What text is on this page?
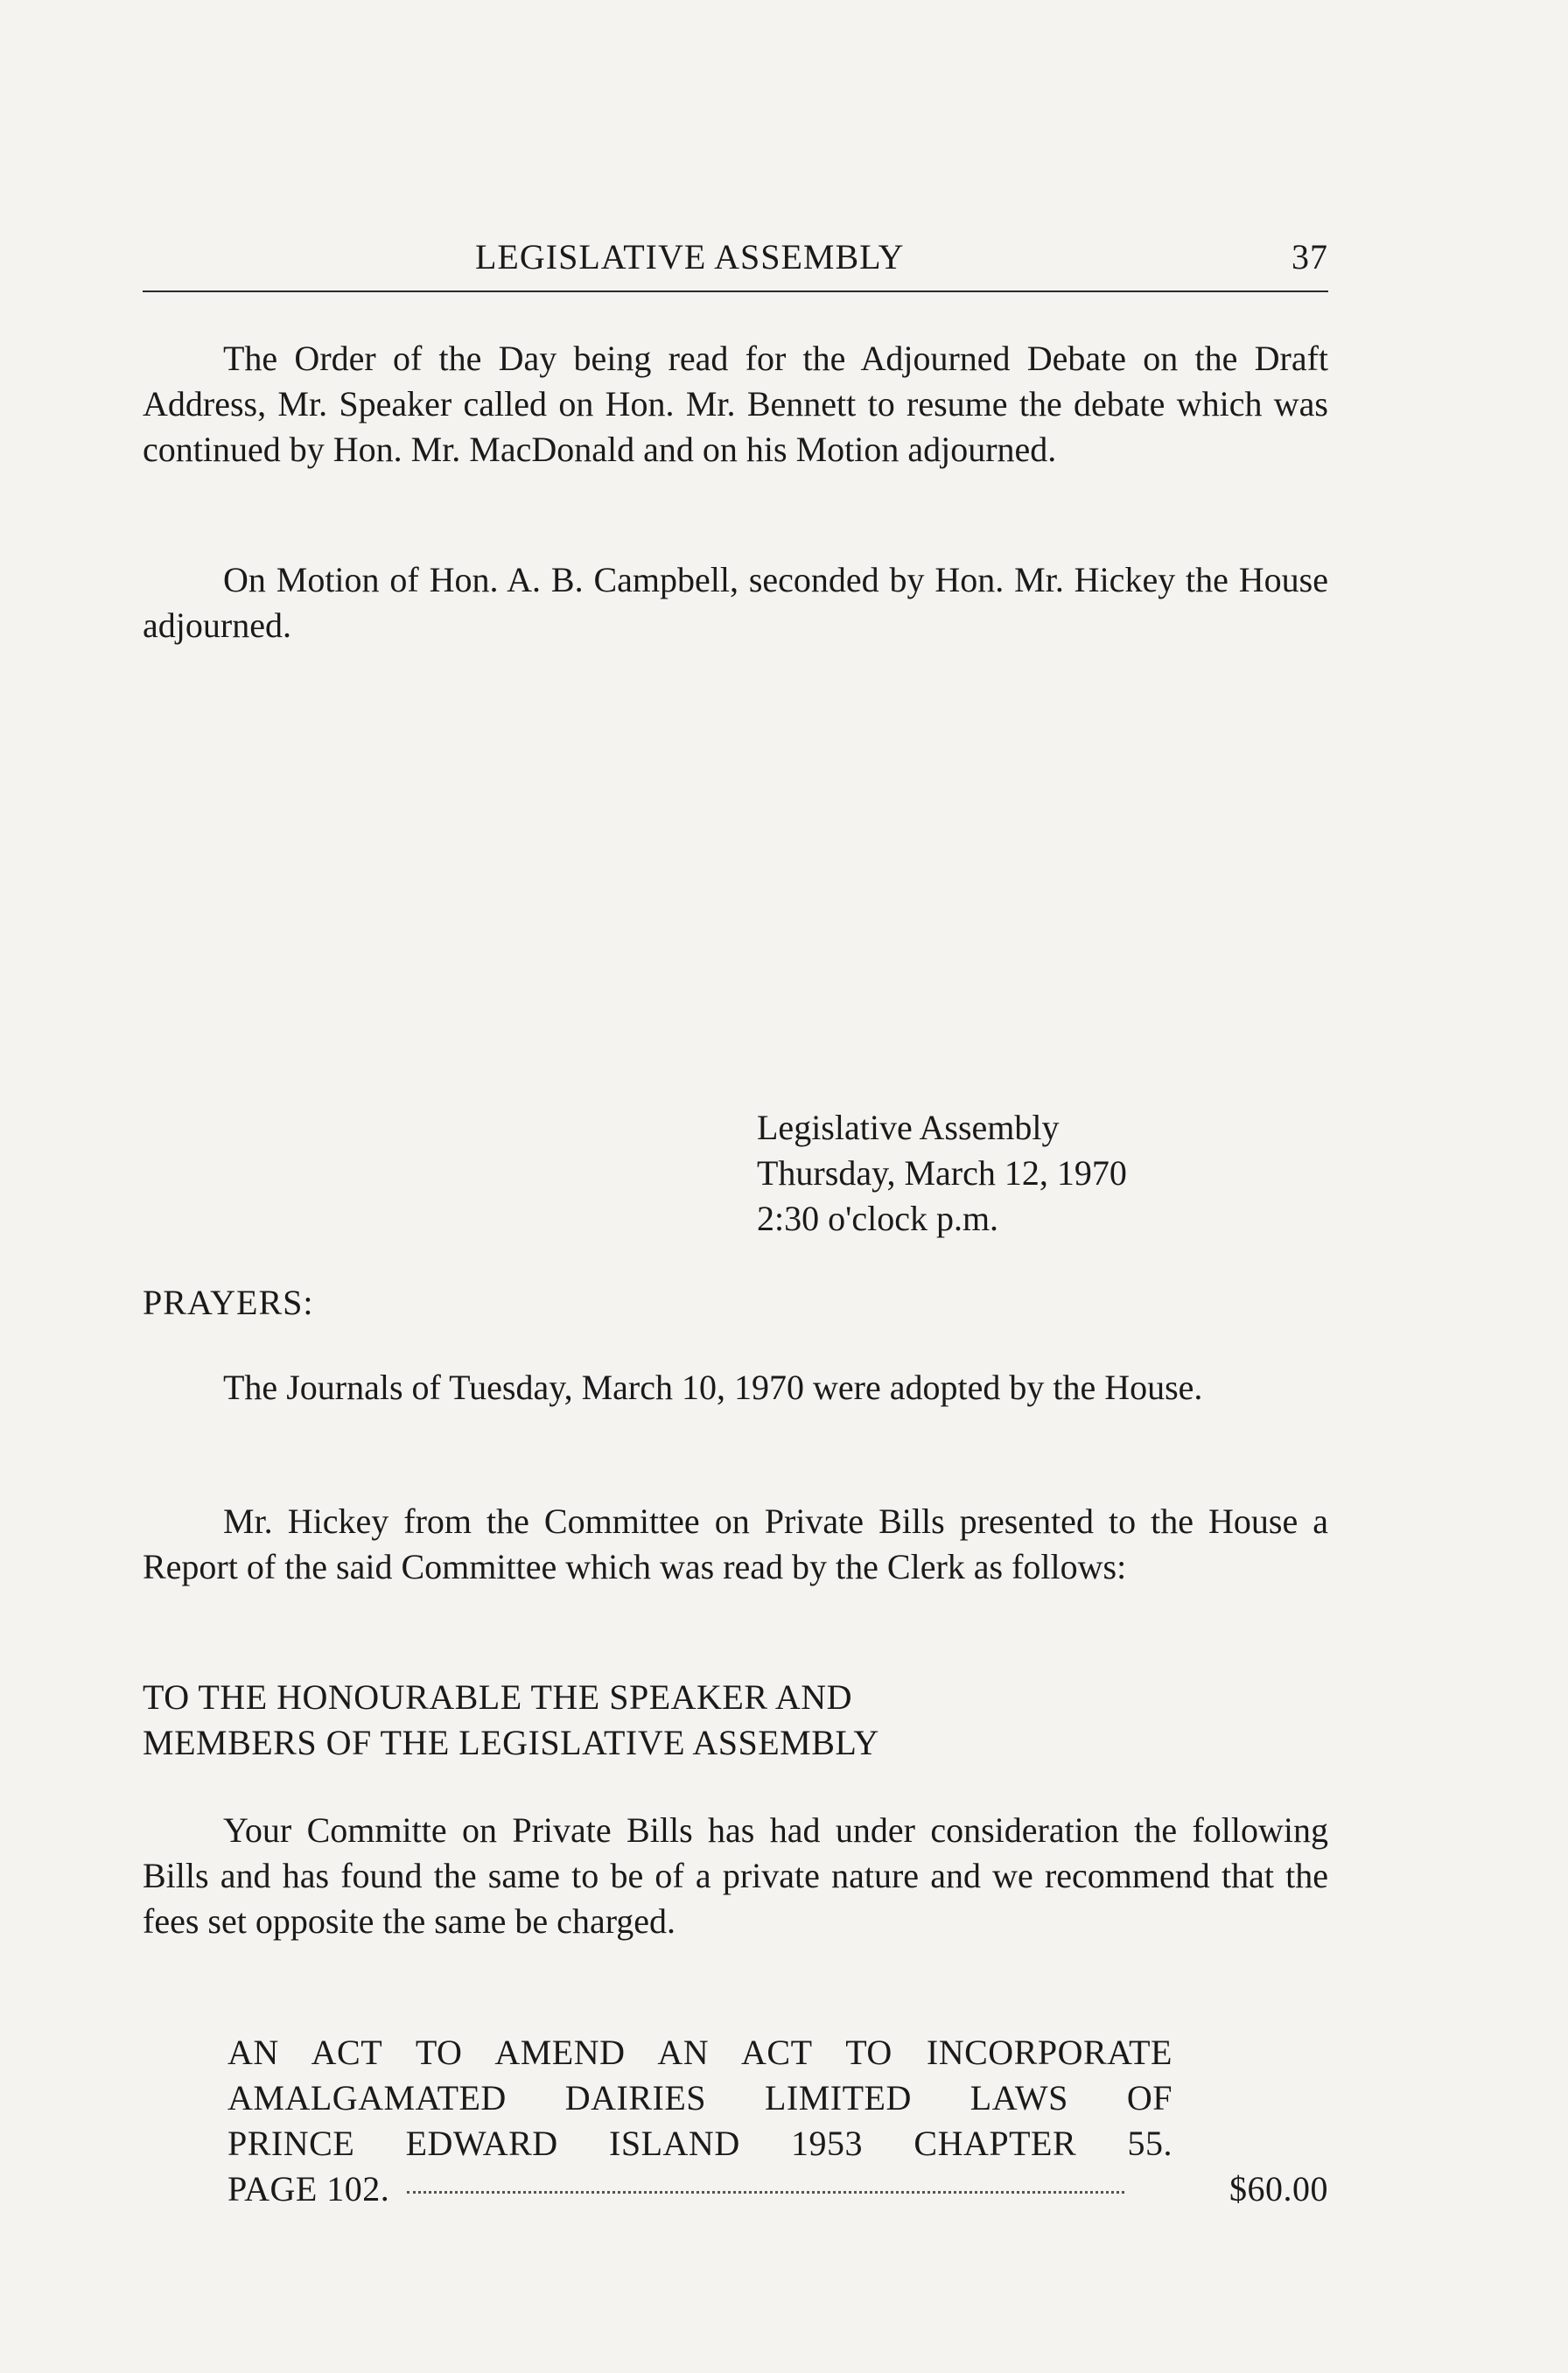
LEGISLATIVE ASSEMBLY	37

The Order of the Day being read for the Adjourned Debate on the Draft Address, Mr. Speaker called on Hon. Mr. Bennett to resume the debate which was continued by Hon. Mr. MacDonald and on his Motion adjourned.

On Motion of Hon. A. B. Campbell, seconded by Hon. Mr. Hickey the House adjourned.

Legislative Assembly
Thursday, March 12, 1970
2:30 o'clock p.m.
PRAYERS:

The Journals of Tuesday, March 10, 1970 were adopted by the House.

Mr. Hickey from the Committee on Private Bills presented to the House a Report of the said Committee which was read by the Clerk as follows:

TO THE HONOURABLE THE SPEAKER AND
MEMBERS OF THE LEGISLATIVE ASSEMBLY

Your Committe on Private Bills has had under consideration the following Bills and has found the same to be of a private nature and we recommend that the fees set opposite the same be charged.

AN ACT TO AMEND AN ACT TO INCORPORATE
AMALGAMATED DAIRIES LIMITED LAWS OF
PRINCE EDWARD ISLAND 1953 CHAPTER 55.
PAGE 102.	$60.00
